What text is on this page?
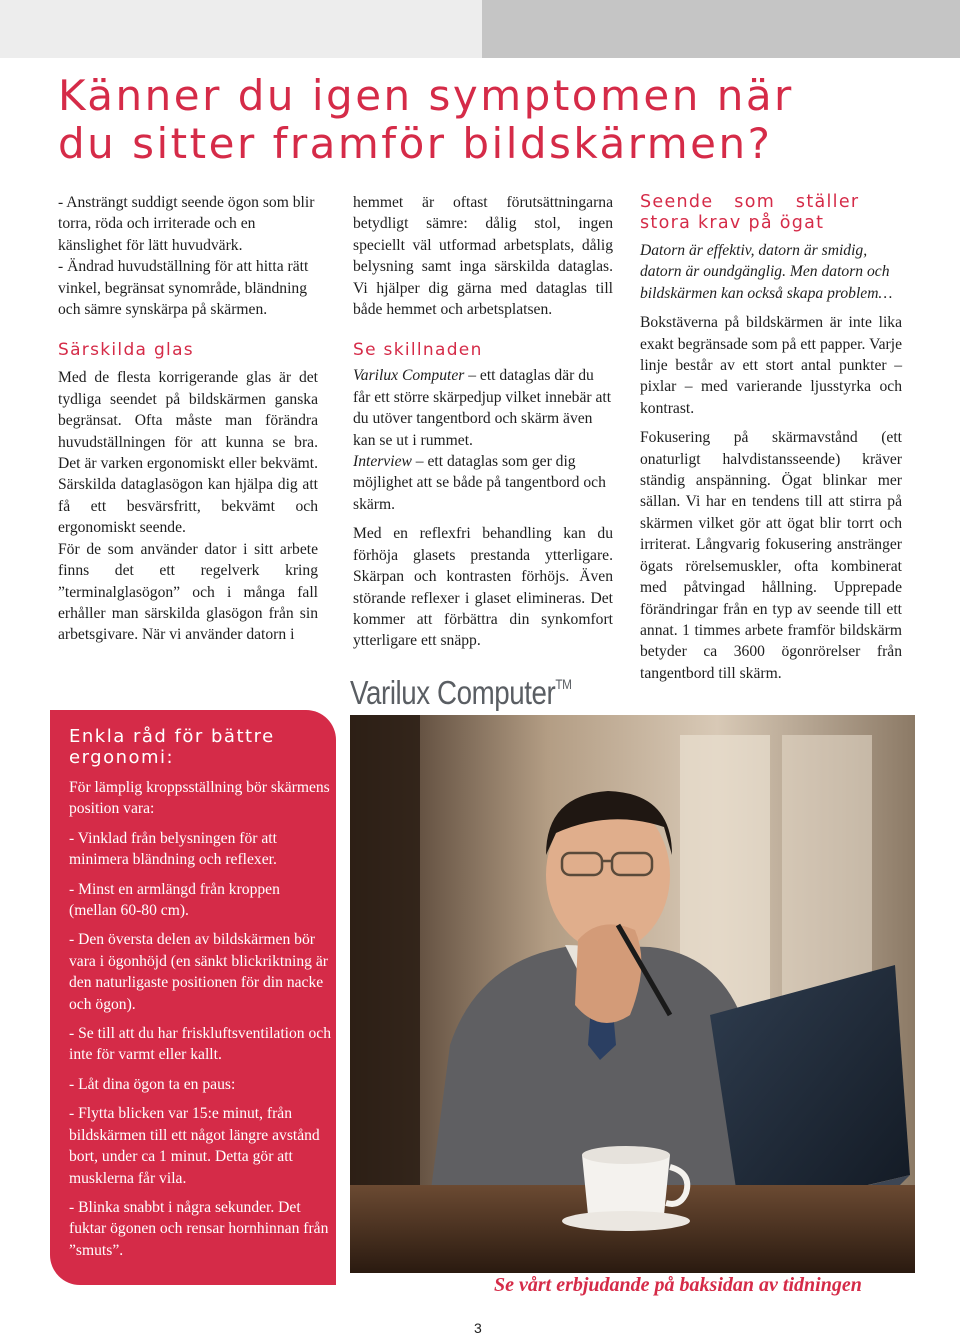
Känner du igen symptomen när
du sitter framför bildskärmen?

- Ansträngt suddigt seende ögon som blir torra, röda och irriterade och en känslighet för lätt huvudvärk.

- Ändrad huvudställning för att hitta rätt vinkel, begränsat synområde, bländning och sämre synskärpa på skärmen.

Särskilda glas

Med de flesta korrigerande glas är det tydliga seendet på bildskärmen ganska begränsat. Ofta måste man förändra huvudställningen för att kunna se bra. Det är varken ergonomiskt eller bekvämt. Särskilda dataglasögon kan hjälpa dig att få ett besvärsfritt, bekvämt och ergonomiskt seende.

För de som använder dator i sitt arbete finns det ett regelverk kring ”terminalglasögon” och i många fall erhåller man särskilda glasögon från sin arbetsgivare. När vi använder datorn i

hemmet är oftast förutsättningarna betydligt sämre: dålig stol, ingen speciellt väl utformad arbetsplats, dålig belysning samt inga särskilda dataglas. Vi hjälper dig gärna med dataglas till både hemmet och arbetsplatsen.

Se skillnaden

Varilux Computer – ett dataglas där du får ett större skärpedjup vilket innebär att du utöver tangentbord och skärm även kan se ut i rummet.

Interview – ett dataglas som ger dig möjlighet att se både på tangentbord och skärm.

Med en reflexfri behandling kan du förhöja glasets prestanda ytterligare. Skärpan och kontrasten förhöjs. Även störande reflexer i glaset elimineras. Det kommer att förbättra din synkomfort ytterligare ett snäpp.

Varilux Computer™

Seende som ställer
stora krav på ögat

Datorn är effektiv, datorn är smidig, datorn är oundgänglig. Men datorn och bildskärmen kan också skapa problem…

Bokstäverna på bildskärmen är inte lika exakt begränsade som på ett papper. Varje linje består av ett stort antal punkter – pixlar – med varierande ljusstyrka och kontrast.

Fokusering på skärmavstånd (ett onaturligt halvdistansseende) kräver ständig anspänning. Ögat blinkar mer sällan. Vi har en tendens till att stirra på skärmen vilket gör att ögat blir torrt och irriterat. Långvarig fokusering anstränger ögats rörelsemuskler, ofta kombinerat med påtvingad hållning. Upprepade förändringar från en typ av seende till ett annat. 1 timmes arbete framför bildskärm betyder ca 3600 ögonrörelser från tangentbord till skärm.

Enkla råd för bättre ergonomi:

För lämplig kroppsställning bör skärmens position vara:
- Vinklad från belysningen för att minimera bländning och reflexer.
- Minst en armlängd från kroppen (mellan 60-80 cm).
- Den översta delen av bildskärmen bör vara i ögonhöjd (en sänkt blickriktning är den naturligaste positionen för din nacke och ögon).
- Se till att du har friskluftsventilation och inte för varmt eller kallt.
- Låt dina ögon ta en paus:
- Flytta blicken var 15:e minut, från bildskärmen till ett något längre avstånd bort, under ca 1 minut. Detta gör att musklerna får vila.
- Blinka snabbt i några sekunder. Det fuktar ögonen och rensar hornhinnan från ”smuts”.

Se vårt erbjudande på baksidan av tidningen

3
